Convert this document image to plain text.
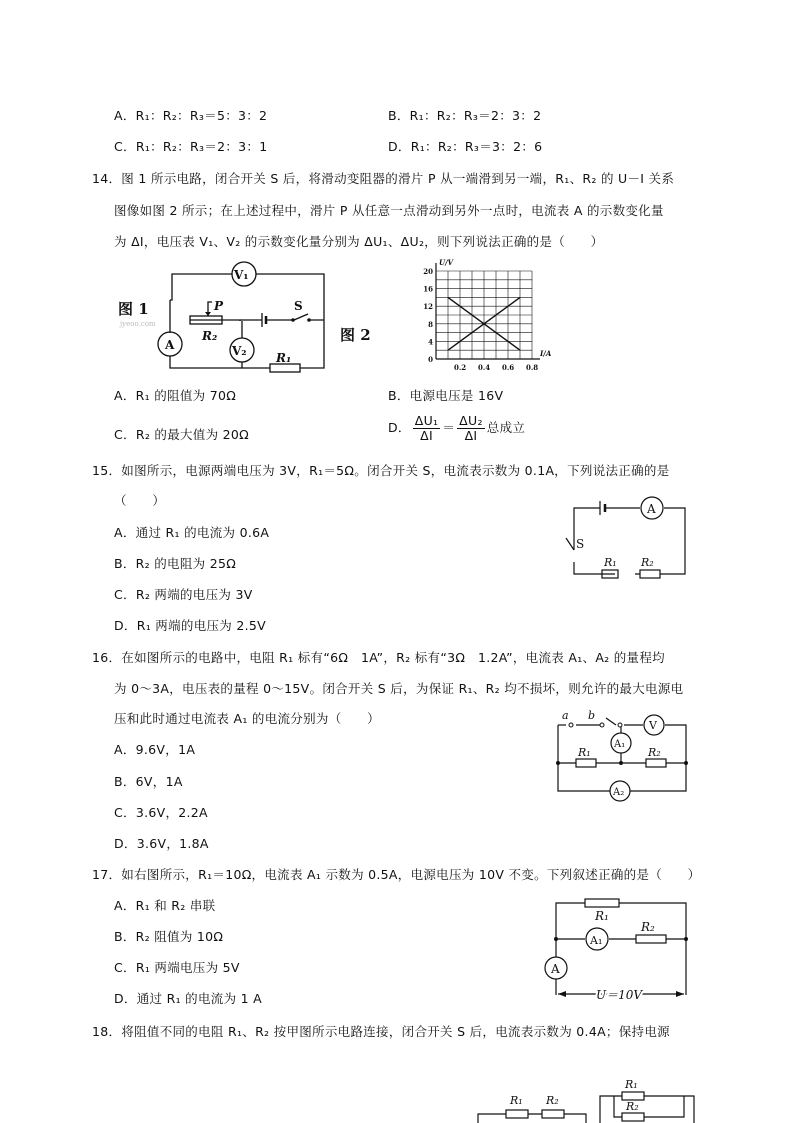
A．R₁：R₂：R₃＝5：3：2	B．R₁：R₂：R₃＝2：3：2
C．R₁：R₂：R₃＝2：3：1	D．R₁：R₂：R₃＝3：2：6
14．图 1 所示电路，闭合开关 S 后，将滑动变阻器的滑片 P 从一端滑到另一端，R₁、R₂ 的 U－I 关系
图像如图 2 所示；在上述过程中，滑片 P 从任意一点滑动到另外一点时，电流表 A 的示数变化量
为 ΔI，电压表 V₁、V₂ 的示数变化量分别为 ΔU₁、ΔU₂，则下列说法正确的是（　　）
V₁
A	V₂
P
R₂
R₁
S
图 1
jyeoo.com
图 2
0.2 0.4 0.6 0.8
0
4
8
12
16
20
I/A
U/V
A．R₁ 的阻值为 70Ω	B．电源电压是 16V
C．R₂ 的最大值为 20Ω	D． $\frac{\text{ΔU₁}}{\Delta I} = \frac{\text{ΔU₂}}{\Delta I}$ 总成立
15．如图所示，电源两端电压为 3V，R₁＝5Ω。闭合开关 S，电流表示数为 0.1A，下列说法正确的是
（　　）
A．通过 R₁ 的电流为 0.6A
B．R₂ 的电阻为 25Ω
C．R₂ 两端的电压为 3V
D．R₁ 两端的电压为 2.5V
A
S
R₁ R₂
16．在如图所示的电路中，电阻 R₁ 标有“6Ω　1A”，R₂ 标有“3Ω　1.2A”，电流表 A₁、A₂ 的量程均
为 0～3A，电压表的量程 0～15V。闭合开关 S 后，为保证 R₁、R₂ 均不损坏，则允许的最大电源电
压和此时通过电流表 A₁ 的电流分别为（　　）
A．9.6V，1A
B．6V，1A
C．3.6V，2.2A
D．3.6V，1.8A
a b
V
A₁
A₂
R₁	R₂
17．如右图所示，R₁＝10Ω，电流表 A₁ 示数为 0.5A，电源电压为 10V 不变。下列叙述正确的是（　　）
A．R₁ 和 R₂ 串联
B．R₂ 阻值为 10Ω
C．R₁ 两端电压为 5V
D．通过 R₁ 的电流为 1 A
R₁
R₂
A₁
A
U＝10V
18．将阻值不同的电阻 R₁、R₂ 按甲图所示电路连接，闭合开关 S 后，电流表示数为 0.4A；保持电源
R₁ R₂
R₁
R₂
